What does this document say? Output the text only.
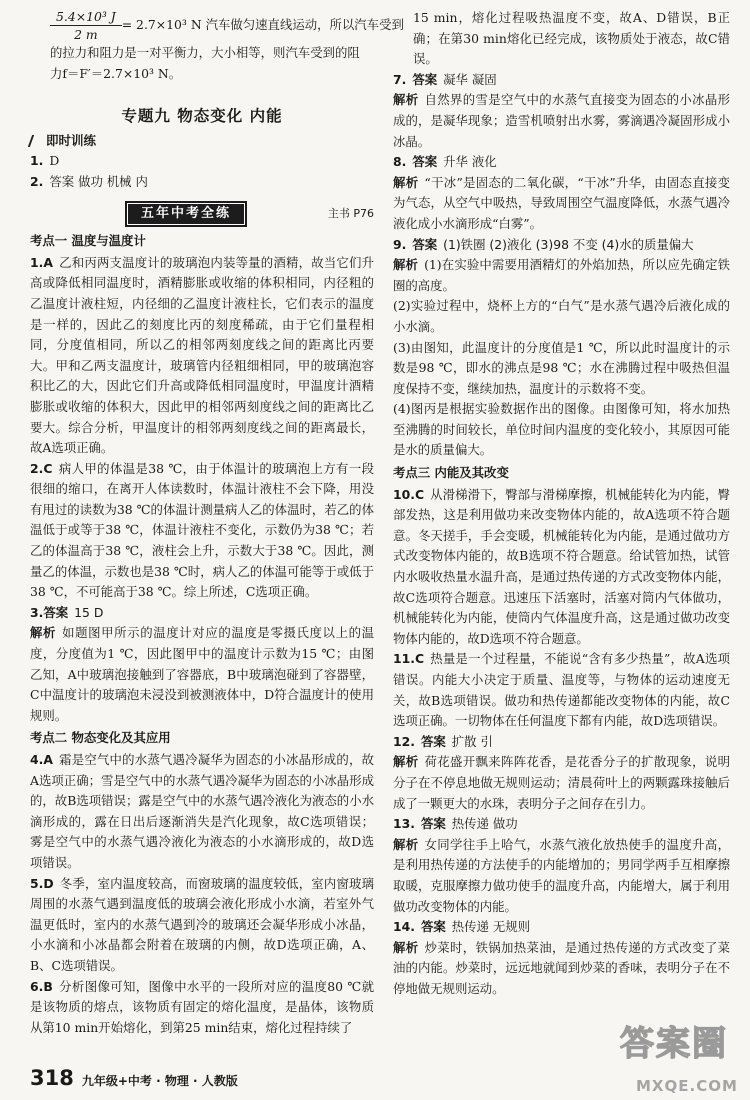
$\frac{\text{5.4×10³ J}}{2 m} = 2.7\times 10^3$ N 汽车做匀速直线运动，所以汽车受到

的拉力和阻力是一对平衡力，大小相等，则汽车受到的阻

力f＝F′＝2.7×10³ N。

专题九 物态变化 内能
即时训练

1. D

2. 答案 做功 机械 内

五年中考全练	主书 P76
考点一 温度与温度计

1.A 乙和丙两支温度计的玻璃泡内装等量的酒精，故当它们升高或降低相同温度时，酒精膨胀或收缩的体积相同，内径粗的乙温度计液柱短，内径细的乙温度计液柱长，它们表示的温度是一样的，因此乙的刻度比丙的刻度稀疏，由于它们量程相同，分度值相同，所以乙的相邻两刻度线之间的距离比丙要大。甲和乙两支温度计，玻璃管内径粗细相同，甲的玻璃泡容积比乙的大，因此它们升高或降低相同温度时，甲温度计酒精膨胀或收缩的体积大，因此甲的相邻两刻度线之间的距离比乙要大。综合分析，甲温度计的相邻两刻度线之间的距离最长，故A选项正确。

2.C 病人甲的体温是38 ℃，由于体温计的玻璃泡上方有一段很细的缩口，在离开人体读数时，体温计液柱不会下降，用没有甩过的读数为38 ℃的体温计测量病人乙的体温时，若乙的体温低于或等于38 ℃，体温计液柱不变化，示数仍为38 ℃；若乙的体温高于38 ℃，液柱会上升，示数大于38 ℃。因此，测量乙的体温，示数也是38 ℃时，病人乙的体温可能等于或低于38 ℃，不可能高于38 ℃。综上所述，C选项正确。

3.答案 15 D

解析 如题图甲所示的温度计对应的温度是零摄氏度以上的温度，分度值为1 ℃，因此图甲中的温度计示数为15 ℃；由图乙知，A中玻璃泡接触到了容器底，B中玻璃泡碰到了容器壁，C中温度计的玻璃泡未浸没到被测液体中，D符合温度计的使用规则。

考点二 物态变化及其应用

4.A 霜是空气中的水蒸气遇冷凝华为固态的小冰晶形成的，故A选项正确；雪是空气中的水蒸气遇冷凝华为固态的小冰晶形成的，故B选项错误；露是空气中的水蒸气遇冷液化为液态的小水滴形成的，露在日出后逐渐消失是汽化现象，故C选项错误；雾是空气中的水蒸气遇冷液化为液态的小水滴形成的，故D选项错误。

5.D 冬季，室内温度较高，而窗玻璃的温度较低，室内窗玻璃周围的水蒸气遇到温度低的玻璃会液化形成小水滴，若室外气温更低时，室内的水蒸气遇到冷的玻璃还会凝华形成小冰晶，小水滴和小冰晶都会附着在玻璃的内侧，故D选项正确，A、B、C选项错误。

6.B 分析图像可知，图像中水平的一段所对应的温度80 ℃就是该物质的熔点，该物质有固定的熔化温度，是晶体，该物质从第10 min开始熔化，到第25 min结束，熔化过程持续了

15 min，熔化过程吸热温度不变，故A、D错误，B正确；在第30 min熔化已经完成，该物质处于液态，故C错误。

7. 答案 凝华 凝固

解析 自然界的雪是空气中的水蒸气直接变为固态的小冰晶形成的，是凝华现象；造雪机喷射出水雾，雾滴遇冷凝固形成小冰晶。

8. 答案 升华 液化

解析 “干冰”是固态的二氧化碳，“干冰”升华，由固态直接变为气态，从空气中吸热，导致周围空气温度降低，水蒸气遇冷液化成小水滴形成“白雾”。

9. 答案 (1)铁圈 (2)液化 (3)98 不变 (4)水的质量偏大

解析 (1)在实验中需要用酒精灯的外焰加热，所以应先确定铁圈的高度。

(2)实验过程中，烧杯上方的“白气”是水蒸气遇冷后液化成的小水滴。

(3)由图知，此温度计的分度值是1 ℃，所以此时温度计的示数是98 ℃，即水的沸点是98 ℃；水在沸腾过程中吸热但温度保持不变，继续加热，温度计的示数将不变。

(4)图丙是根据实验数据作出的图像。由图像可知，将水加热至沸腾的时间较长，单位时间内温度的变化较小，其原因可能是水的质量偏大。

考点三 内能及其改变

10.C 从滑梯滑下，臀部与滑梯摩擦，机械能转化为内能，臀部发热，这是利用做功来改变物体内能的，故A选项不符合题意。冬天搓手，手会变暖，机械能转化为内能，是通过做功方式改变物体内能的，故B选项不符合题意。给试管加热，试管内水吸收热量水温升高，是通过热传递的方式改变物体内能，故C选项符合题意。迅速压下活塞时，活塞对筒内气体做功，机械能转化为内能，使筒内气体温度升高，这是通过做功改变物体内能的，故D选项不符合题意。

11.C 热量是一个过程量，不能说“含有多少热量”，故A选项错误。内能大小决定于质量、温度等，与物体的运动速度无关，故B选项错误。做功和热传递都能改变物体的内能，故C选项正确。一切物体在任何温度下都有内能，故D选项错误。

12. 答案 扩散 引

解析 荷花盛开飘来阵阵花香，是花香分子的扩散现象，说明分子在不停息地做无规则运动；清晨荷叶上的两颗露珠接触后成了一颗更大的水珠，表明分子之间存在引力。

13. 答案 热传递 做功

解析 女同学往手上哈气，水蒸气液化放热使手的温度升高，是利用热传递的方法使手的内能增加的；男同学两手互相摩擦取暖，克服摩擦力做功使手的温度升高，内能增大，属于利用做功改变物体的内能。

14. 答案 热传递 无规则

解析 炒菜时，铁锅加热菜油，是通过热传递的方式改变了菜油的内能。炒菜时，远远地就闻到炒菜的香味，表明分子在不停地做无规则运动。

318 九年级+中考 · 物理 · 人教版
答案圈
MXQE.COM
